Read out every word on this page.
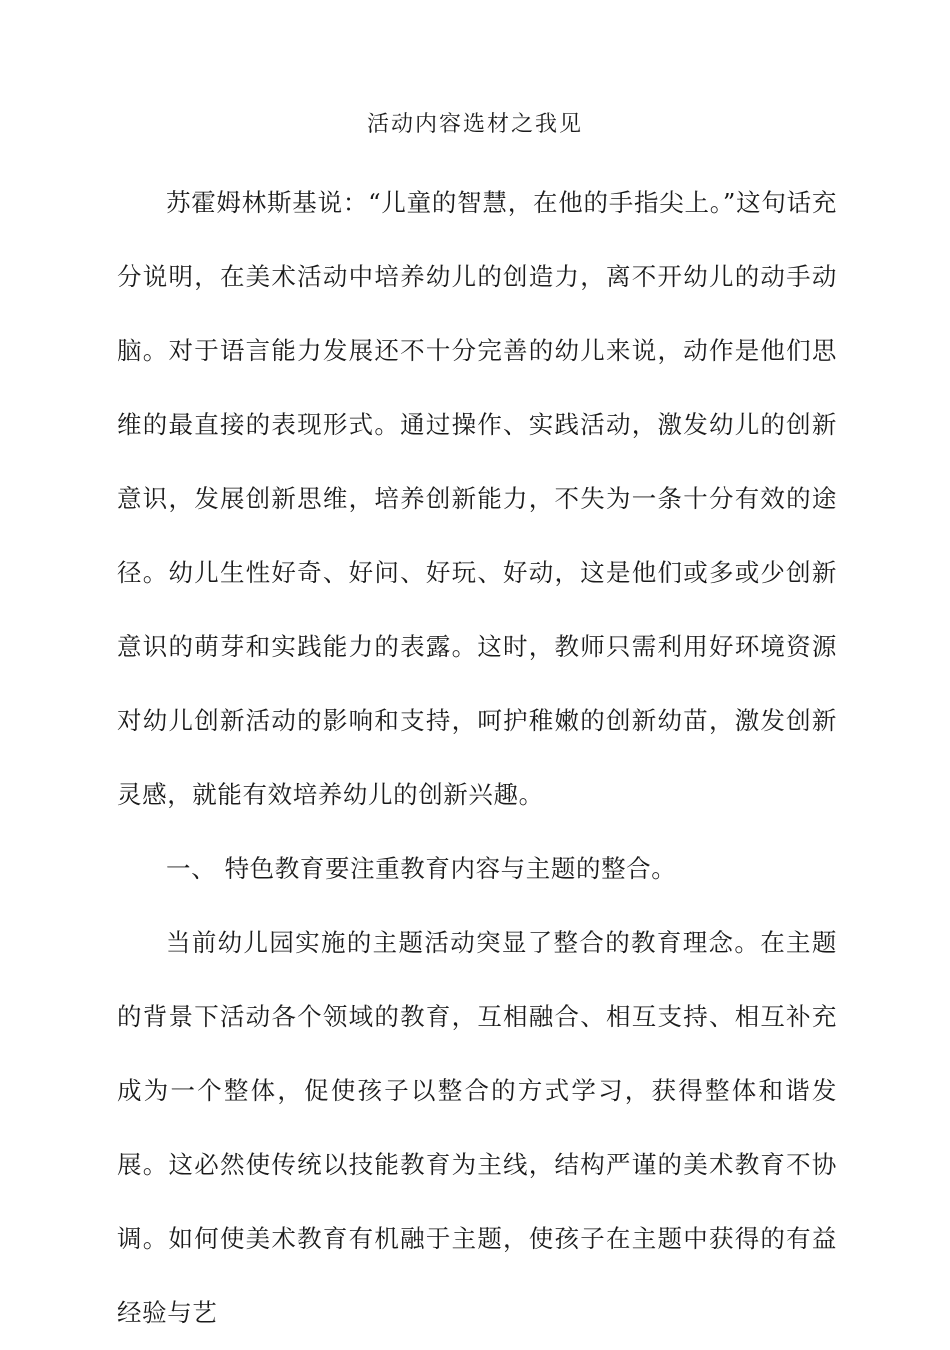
活动内容选材之我见

苏霍姆林斯基说：“儿童的智慧，在他的手指尖上。”这句话充分说明，在美术活动中培养幼儿的创造力，离不开幼儿的动手动脑。对于语言能力发展还不十分完善的幼儿来说，动作是他们思维的最直接的表现形式。通过操作、实践活动，激发幼儿的创新意识，发展创新思维，培养创新能力，不失为一条十分有效的途径。幼儿生性好奇、好问、好玩、好动，这是他们或多或少创新意识的萌芽和实践能力的表露。这时，教师只需利用好环境资源对幼儿创新活动的影响和支持，呵护稚嫩的创新幼苗，激发创新灵感，就能有效培养幼儿的创新兴趣。

一、 特色教育要注重教育内容与主题的整合。

当前幼儿园实施的主题活动突显了整合的教育理念。在主题的背景下活动各个领域的教育，互相融合、相互支持、相互补充成为一个整体，促使孩子以整合的方式学习，获得整体和谐发展。这必然使传统以技能教育为主线，结构严谨的美术教育不协调。如何使美术教育有机融于主题，使孩子在主题中获得的有益经验与艺
